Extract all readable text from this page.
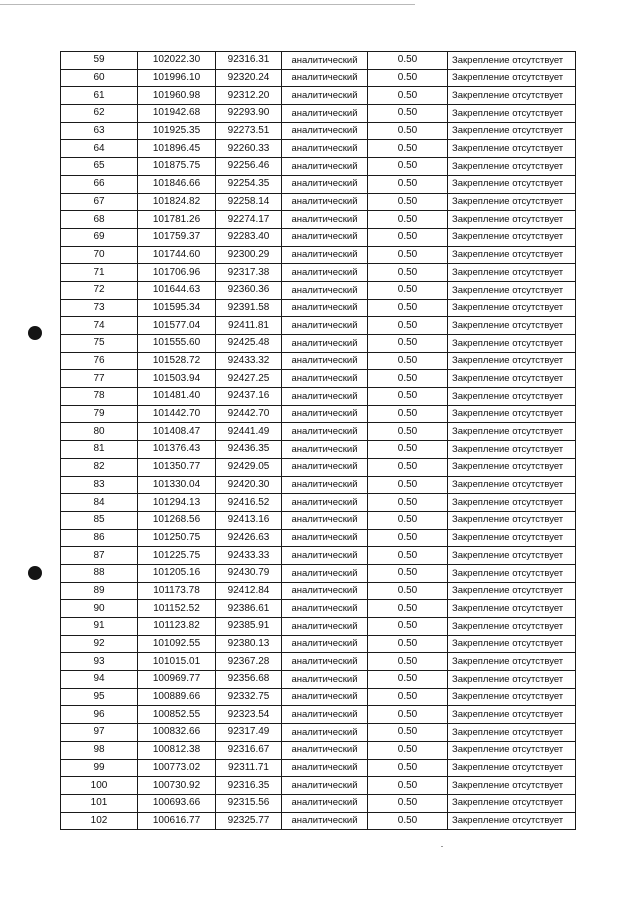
59	102022.30	92316.31	аналитический	0.50	Закрепление отсутствует
60	101996.10	92320.24	аналитический	0.50	Закрепление отсутствует
61	101960.98	92312.20	аналитический	0.50	Закрепление отсутствует
62	101942.68	92293.90	аналитический	0.50	Закрепление отсутствует
63	101925.35	92273.51	аналитический	0.50	Закрепление отсутствует
64	101896.45	92260.33	аналитический	0.50	Закрепление отсутствует
65	101875.75	92256.46	аналитический	0.50	Закрепление отсутствует
66	101846.66	92254.35	аналитический	0.50	Закрепление отсутствует
67	101824.82	92258.14	аналитический	0.50	Закрепление отсутствует
68	101781.26	92274.17	аналитический	0.50	Закрепление отсутствует
69	101759.37	92283.40	аналитический	0.50	Закрепление отсутствует
70	101744.60	92300.29	аналитический	0.50	Закрепление отсутствует
71	101706.96	92317.38	аналитический	0.50	Закрепление отсутствует
72	101644.63	92360.36	аналитический	0.50	Закрепление отсутствует
73	101595.34	92391.58	аналитический	0.50	Закрепление отсутствует
74	101577.04	92411.81	аналитический	0.50	Закрепление отсутствует
75	101555.60	92425.48	аналитический	0.50	Закрепление отсутствует
76	101528.72	92433.32	аналитический	0.50	Закрепление отсутствует
77	101503.94	92427.25	аналитический	0.50	Закрепление отсутствует
78	101481.40	92437.16	аналитический	0.50	Закрепление отсутствует
79	101442.70	92442.70	аналитический	0.50	Закрепление отсутствует
80	101408.47	92441.49	аналитический	0.50	Закрепление отсутствует
81	101376.43	92436.35	аналитический	0.50	Закрепление отсутствует
82	101350.77	92429.05	аналитический	0.50	Закрепление отсутствует
83	101330.04	92420.30	аналитический	0.50	Закрепление отсутствует
84	101294.13	92416.52	аналитический	0.50	Закрепление отсутствует
85	101268.56	92413.16	аналитический	0.50	Закрепление отсутствует
86	101250.75	92426.63	аналитический	0.50	Закрепление отсутствует
87	101225.75	92433.33	аналитический	0.50	Закрепление отсутствует
88	101205.16	92430.79	аналитический	0.50	Закрепление отсутствует
89	101173.78	92412.84	аналитический	0.50	Закрепление отсутствует
90	101152.52	92386.61	аналитический	0.50	Закрепление отсутствует
91	101123.82	92385.91	аналитический	0.50	Закрепление отсутствует
92	101092.55	92380.13	аналитический	0.50	Закрепление отсутствует
93	101015.01	92367.28	аналитический	0.50	Закрепление отсутствует
94	100969.77	92356.68	аналитический	0.50	Закрепление отсутствует
95	100889.66	92332.75	аналитический	0.50	Закрепление отсутствует
96	100852.55	92323.54	аналитический	0.50	Закрепление отсутствует
97	100832.66	92317.49	аналитический	0.50	Закрепление отсутствует
98	100812.38	92316.67	аналитический	0.50	Закрепление отсутствует
99	100773.02	92311.71	аналитический	0.50	Закрепление отсутствует
100	100730.92	92316.35	аналитический	0.50	Закрепление отсутствует
101	100693.66	92315.56	аналитический	0.50	Закрепление отсутствует
102	100616.77	92325.77	аналитический	0.50	Закрепление отсутствует
